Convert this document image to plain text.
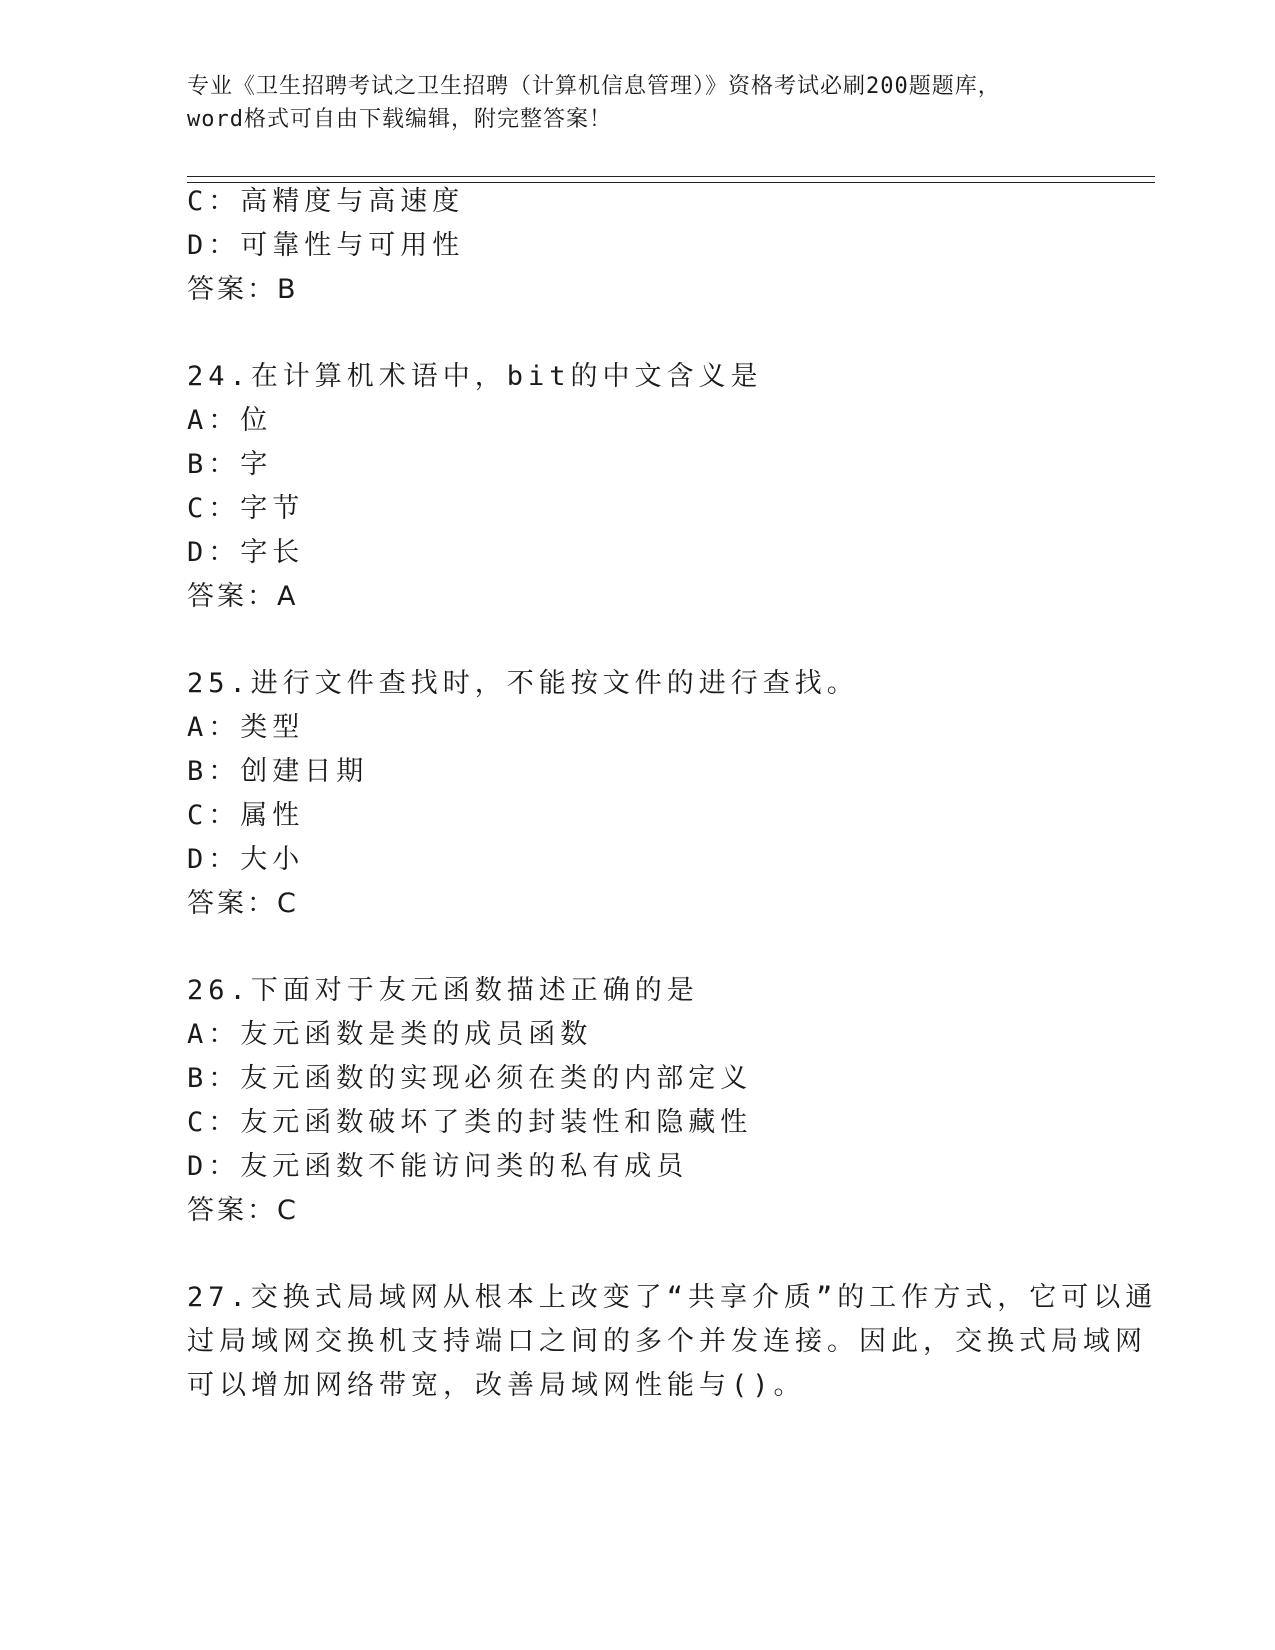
专业《卫生招聘考试之卫生招聘（计算机信息管理）》资格考试必刷200题题库，
word格式可自由下载编辑，附完整答案！
C：高精度与高速度
D：可靠性与可用性
答案：B
24.在计算机术语中，bit的中文含义是
A：位
B：字
C：字节
D：字长
答案：A
25.进行文件查找时，不能按文件的进行查找。
A：类型
B：创建日期
C：属性
D：大小
答案：C
26.下面对于友元函数描述正确的是
A：友元函数是类的成员函数
B：友元函数的实现必须在类的内部定义
C：友元函数破坏了类的封装性和隐藏性
D：友元函数不能访问类的私有成员
答案：C
27.交换式局域网从根本上改变了“共享介质”的工作方式，它可以通
过局域网交换机支持端口之间的多个并发连接。因此，交换式局域网
可以增加网络带宽，改善局域网性能与()。
